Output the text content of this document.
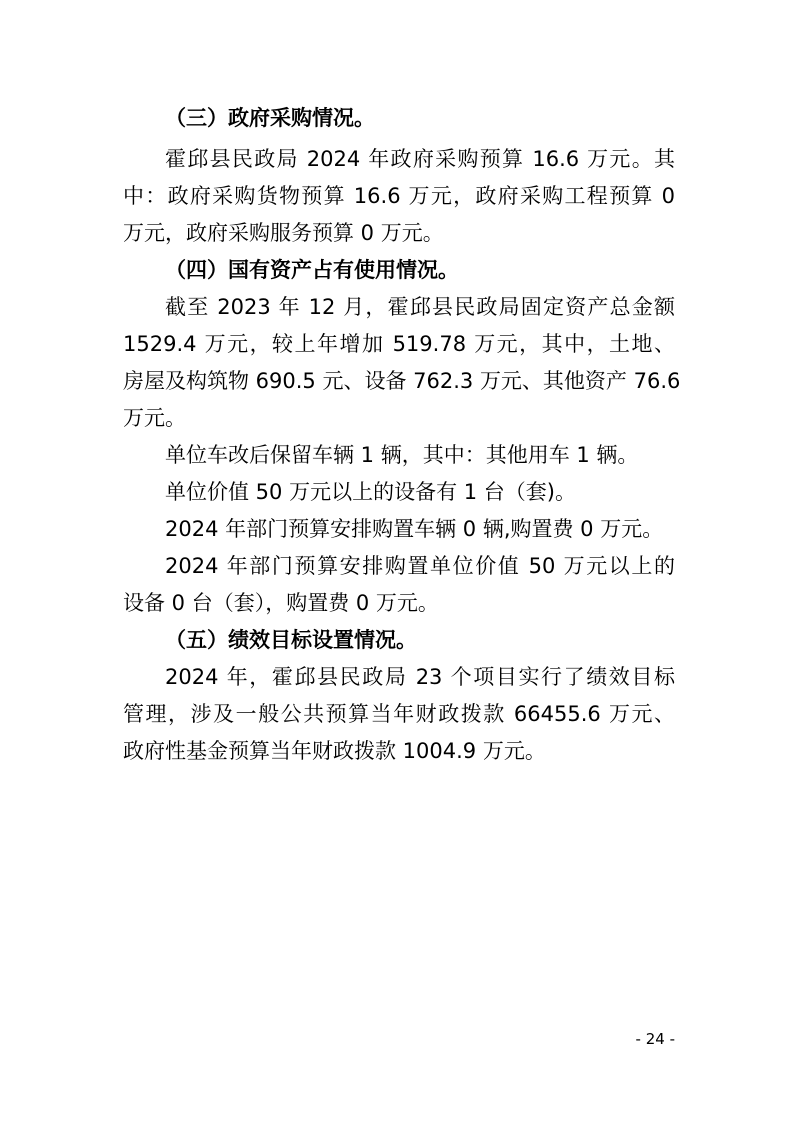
（三）政府采购情况。
霍邱县民政局 2024 年政府采购预算 16.6 万元。其
中：政府采购货物预算 16.6 万元，政府采购工程预算 0
万元，政府采购服务预算 0 万元。
（四）国有资产占有使用情况。
截至 2023 年 12 月，霍邱县民政局固定资产总金额
1529.4 万元，较上年增加 519.78 万元，其中，土地、
房屋及构筑物 690.5 元、设备 762.3 万元、其他资产 76.6
万元。
单位车改后保留车辆 1 辆，其中：其他用车 1 辆。
单位价值 50 万元以上的设备有 1 台（套)。
2024 年部门预算安排购置车辆 0 辆,购置费 0 万元。
2024 年部门预算安排购置单位价值 50 万元以上的
设备 0 台（套），购置费 0 万元。
（五）绩效目标设置情况。
2024 年，霍邱县民政局 23 个项目实行了绩效目标
管理，涉及一般公共预算当年财政拨款 66455.6 万元、
政府性基金预算当年财政拨款 1004.9 万元。
- 24 -
